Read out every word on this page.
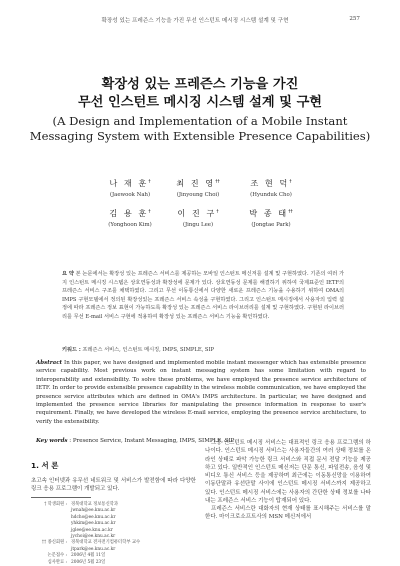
확장성 있는 프레즌스 기능을 가진 무선 인스턴트 메시징 시스템 설계 및 구현	257
확장성 있는 프레즌스 기능을 가진
무선 인스턴트 메시징 시스템 설계 및 구현
(A Design and Implementation of a Mobile Instant
Messaging System with Extensible Presence Capabilities)
나 재 훈†
(Jaewook Nah)
최 진 영††
(Jinyoung Choi)
조 현 덕†
(Hyunduk Cho)
김 용 훈†
(Yonghoon Kim)
이 진 구†
(Jingu Lee)
박 종 태††
(Jongtae Park)
요 약 본 논문에서는 확장성 있는 프레즌스 서비스를 제공하는 모바일 인스턴트 메신저를 설계 및 구현하였다. 기존의 여러 가지 인스턴트 메시징 시스템은 상호연동성과 확장성에 문제가 있다. 상호연동성 문제를 해결하기 위하여 국제표준인 IETF의 프레즌스 서비스 구조를 채택하였다. 그리고 무선 이동통신에서 다양한 새로운 프레즌스 기능을 수용하기 위하여 OMA의 IMPS 구현모델에서 정의된 확장성있는 프레즌스 서비스 속성을 구현하였다. 그리고 인스턴트 메시징에서 사용자의 입력 설정에 따라 프레즌스 정보 표현이 가능하도록 확장성 있는 프레즌스 서비스 라이브러리를 설계 및 구현하였다. 구현된 라이브러리를 무선 E-mail 서비스 구현에 적용하여 확장성 있는 프레즌스 서비스 기능을 확인하였다.
키워드 : 프레즌스 서비스, 인스턴트 메시징, IMPS, SIMPLE, SIP
Abstract In this paper, we have designed and implemented mobile instant messenger which has extensible presence service capability. Most previous work on instant messaging system has some limitation with regard to interoperability and extensibility. To solve these problems, we have employed the presence service architecture of IETF. In order to provide extensible presence capability in the wireless mobile communication, we have employed the presence service attributes which are defined in OMA's IMPS architecture. In particular, we have designed and implemented the presence service libraries for manipulating the presence information in response to user's requirement. Finally, we have developed the wireless E-mail service, employing the presence service architecture, to verify the extensibility.
Key words : Presence Service, Instant Messaging, IMPS, SIMPLE, SIP
1. 서 론
초고속 인터넷과 유무선 네트워크 및 서비스가 발전함에 따라 다양한 링크 응용 프로그램이 개발되고 있다.
† 학생회원 : 경북대학교 정보통신학과
jwnah@ee.knu.ac.kr
hdcho@ee.knu.ac.kr
yhkim@ee.knu.ac.kr
jglee@ee.knu.ac.kr
jychoi@ee.knu.ac.kr
†† 종신회원 : 경북대학교 전자전기컴퓨터학부 교수
jtpark@ee.knu.ac.kr
논문접수 : 2006년 4월 11일
심사완료 : 2006년 5월 23일

그중 인스턴트 메시징 서비스는 대표적인 링크 응용 프로그램의 하나이다. 인스턴트 메시징 서비스는 사용자들간의 여러 상태 정보를 온라인 상태로 파악 가능한 링크 서비스와 직접 문서 전달 기능을 제공하고 있다. 일반적인 인스턴트 메신저는 단문 통신, 파일전송, 음성 및 비디오 통신 서비스 등을 제공하며 최근에는 이동통신망을 이용하여 이동단말과 유선단말 사이에 인스턴트 메시징 서비스까지 제공하고 있다. 인스턴트 메시징 서비스에는 사용자의 간단한 상태 정보를 나타내는 프레즌스 서비스 기능이 탑재되어 있다.

프레즌스 서비스란 대화자의 현재 상태를 표시해주는 서비스를 말한다. 마이크로소프트사의 MSN 메신저에서
